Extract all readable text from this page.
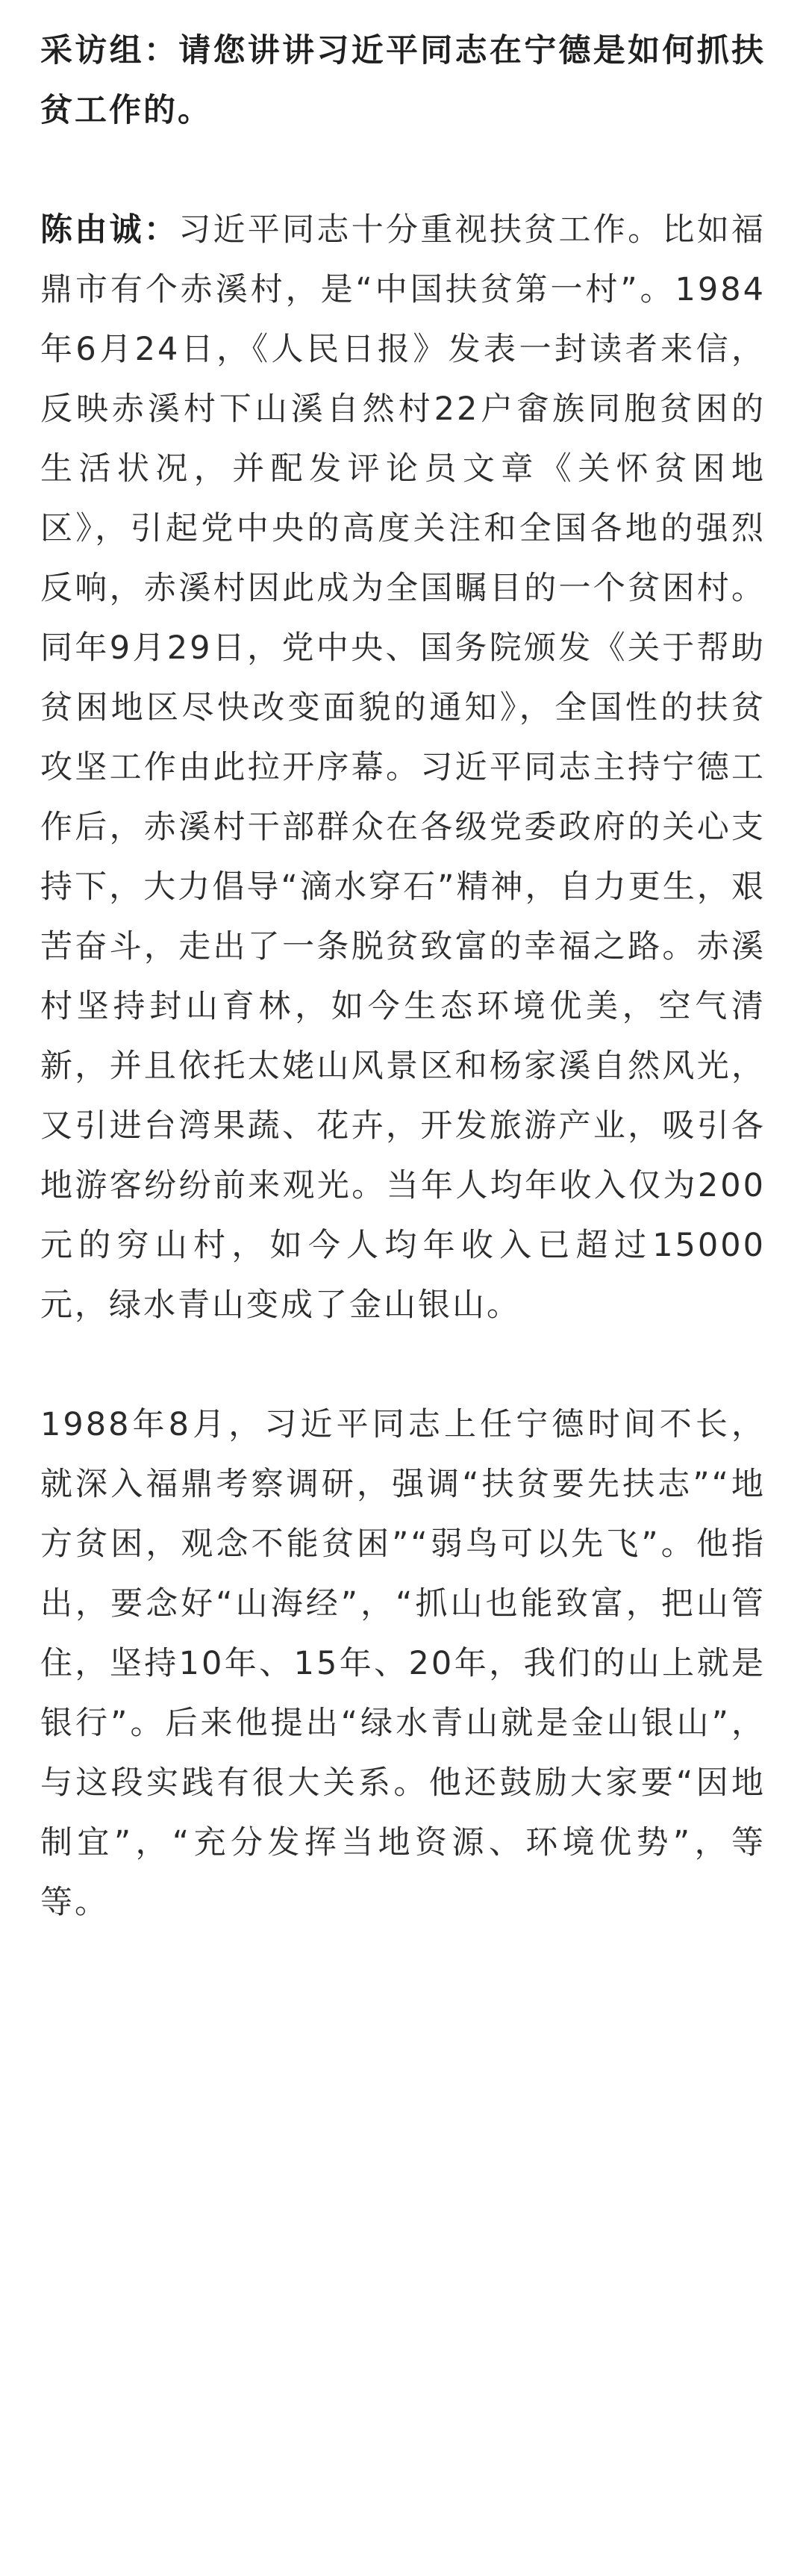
采访组：请您讲讲习近平同志在宁德是如何抓扶贫工作的。

陈由诚：习近平同志十分重视扶贫工作。比如福鼎市有个赤溪村，是“中国扶贫第一村”。1984年6月24日，《人民日报》发表一封读者来信，反映赤溪村下山溪自然村22户畲族同胞贫困的生活状况，并配发评论员文章《关怀贫困地区》，引起党中央的高度关注和全国各地的强烈反响，赤溪村因此成为全国瞩目的一个贫困村。同年9月29日，党中央、国务院颁发《关于帮助贫困地区尽快改变面貌的通知》，全国性的扶贫攻坚工作由此拉开序幕。习近平同志主持宁德工作后，赤溪村干部群众在各级党委政府的关心支持下，大力倡导“滴水穿石”精神，自力更生，艰苦奋斗，走出了一条脱贫致富的幸福之路。赤溪村坚持封山育林，如今生态环境优美，空气清新，并且依托太姥山风景区和杨家溪自然风光，又引进台湾果蔬、花卉，开发旅游产业，吸引各地游客纷纷前来观光。当年人均年收入仅为200元的穷山村，如今人均年收入已超过15000元，绿水青山变成了金山银山。

1988年8月，习近平同志上任宁德时间不长，就深入福鼎考察调研，强调“扶贫要先扶志”“地方贫困，观念不能贫困”“弱鸟可以先飞”。他指出，要念好“山海经”，“抓山也能致富，把山管住，坚持10年、15年、20年，我们的山上就是银行”。后来他提出“绿水青山就是金山银山”，与这段实践有很大关系。他还鼓励大家要“因地制宜”，“充分发挥当地资源、环境优势”，等等。
